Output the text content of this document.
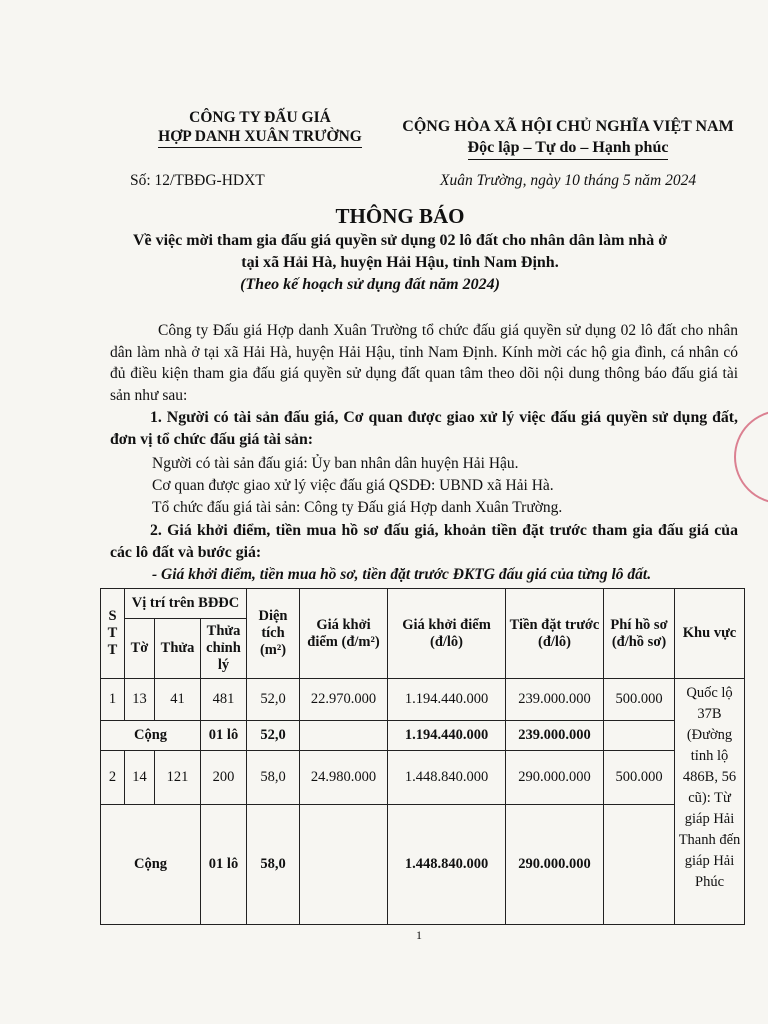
CÔNG TY ĐẤU GIÁ
HỢP DANH XUÂN TRƯỜNG
CỘNG HÒA XÃ HỘI CHỦ NGHĨA VIỆT NAM
Độc lập – Tự do – Hạnh phúc
Số: 12/TBĐG-HDXT	Xuân Trường, ngày 10 tháng 5 năm 2024
THÔNG BÁO
Về việc mời tham gia đấu giá quyền sử dụng 02 lô đất cho nhân dân làm nhà ở
tại xã Hải Hà, huyện Hải Hậu, tỉnh Nam Định.
(Theo kế hoạch sử dụng đất năm 2024)
Công ty Đấu giá Hợp danh Xuân Trường tổ chức đấu giá quyền sử dụng 02 lô đất cho nhân dân làm nhà ở tại xã Hải Hà, huyện Hải Hậu, tỉnh Nam Định. Kính mời các hộ gia đình, cá nhân có đủ điều kiện tham gia đấu giá quyền sử dụng đất quan tâm theo dõi nội dung thông báo đấu giá tài sản như sau:
1. Người có tài sản đấu giá, Cơ quan được giao xử lý việc đấu giá quyền sử dụng đất, đơn vị tổ chức đấu giá tài sản:
Người có tài sản đấu giá: Ủy ban nhân dân huyện Hải Hậu.
Cơ quan được giao xử lý việc đấu giá QSDĐ: UBND xã Hải Hà.
Tổ chức đấu giá tài sản: Công ty Đấu giá Hợp danh Xuân Trường.
2. Giá khởi điểm, tiền mua hồ sơ đấu giá, khoản tiền đặt trước tham gia đấu giá của các lô đất và bước giá:
- Giá khởi điểm, tiền mua hồ sơ, tiền đặt trước ĐKTG đấu giá của từng lô đất.
S T T	Vị trí trên BĐĐC			Diện tích (m²)	Giá khởi điểm (đ/m²)	Giá khởi điểm (đ/lô)	Tiền đặt trước (đ/lô)	Phí hồ sơ (đ/hồ sơ)	Khu vực
	Tờ	Thửa	Thửa chỉnh lý						
1	13	41	481	52,0	22.970.000	1.194.440.000	239.000.000	500.000	Quốc lộ 37B (Đường tỉnh lộ 486B, 56 cũ): Từ giáp Hải Thanh đến giáp Hải Phúc
Cộng			01 lô	52,0		1.194.440.000	239.000.000		
2	14	121	200	58,0	24.980.000	1.448.840.000	290.000.000	500.000	
Cộng			01 lô	58,0		1.448.840.000	290.000.000		
1
